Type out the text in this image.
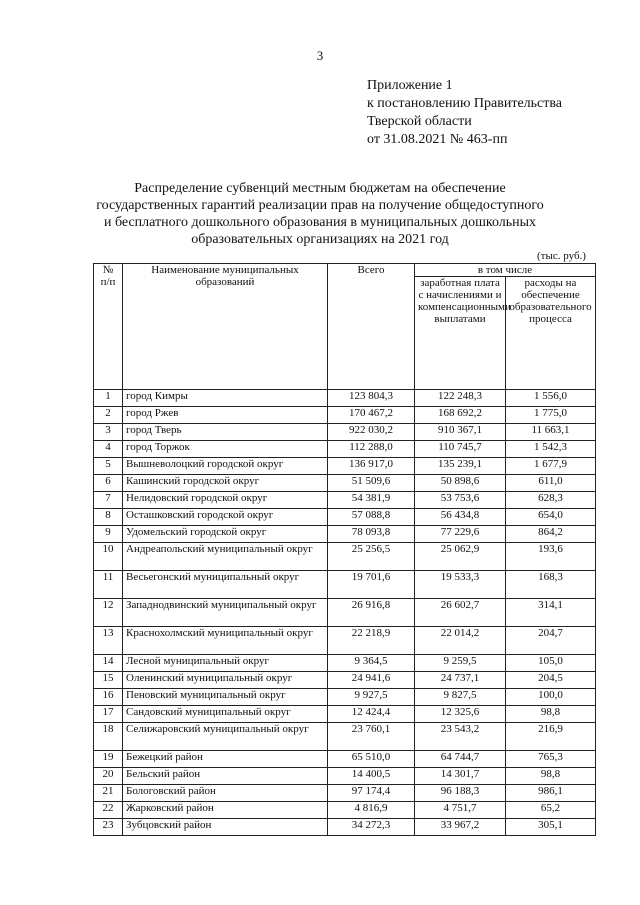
3
Приложение 1
к постановлению Правительства
Тверской области
от 31.08.2021 № 463-пп
Распределение субвенций местным бюджетам на обеспечение
государственных гарантий реализации прав на получение общедоступного
и бесплатного дошкольного образования в муниципальных дошкольных
образовательных организациях на 2021 год
(тыс. руб.)
№ п/п	Наименование муниципальных образований	Всего	в том числе	
			заработная плата с начислениями и компенсационными выплатами	расходы на обеспечение образовательного процесса
1	город Кимры	123 804,3	122 248,3	1 556,0
2	город Ржев	170 467,2	168 692,2	1 775,0
3	город Тверь	922 030,2	910 367,1	11 663,1
4	город Торжок	112 288,0	110 745,7	1 542,3
5	Вышневолоцкий городской округ	136 917,0	135 239,1	1 677,9
6	Кашинский городской округ	51 509,6	50 898,6	611,0
7	Нелидовский городской округ	54 381,9	53 753,6	628,3
8	Осташковский городской округ	57 088,8	56 434,8	654,0
9	Удомельский городской округ	78 093,8	77 229,6	864,2
10	Андреапольский муниципальный округ	25 256,5	25 062,9	193,6
11	Весьегонский муниципальный округ	19 701,6	19 533,3	168,3
12	Западнодвинский муниципальный округ	26 916,8	26 602,7	314,1
13	Краснохолмский муниципальный округ	22 218,9	22 014,2	204,7
14	Лесной муниципальный округ	9 364,5	9 259,5	105,0
15	Оленинский муниципальный округ	24 941,6	24 737,1	204,5
16	Пеновский муниципальный округ	9 927,5	9 827,5	100,0
17	Сандовский муниципальный округ	12 424,4	12 325,6	98,8
18	Селижаровский муниципальный округ	23 760,1	23 543,2	216,9
19	Бежецкий район	65 510,0	64 744,7	765,3
20	Бельский район	14 400,5	14 301,7	98,8
21	Бологовский район	97 174,4	96 188,3	986,1
22	Жарковский район	4 816,9	4 751,7	65,2
23	Зубцовский район	34 272,3	33 967,2	305,1
